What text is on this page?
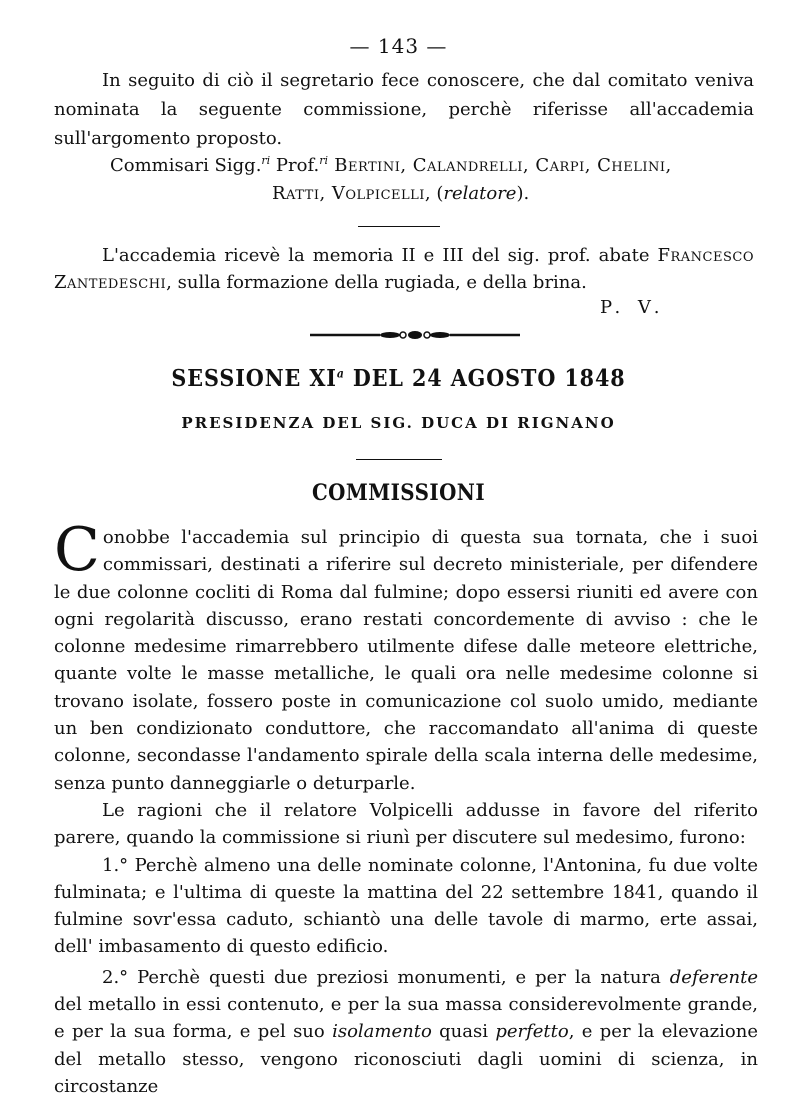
— 143 —
In seguito di ciò il segretario fece conoscere, che dal comitato veniva nominata la seguente commissione, perchè riferisse all'accademia sull'argomento proposto.
Commisari Sigg.$^{ri}$ Prof.$^{ri}$ Bertini, Calandrelli, Carpi, Chelini,
Ratti, Volpicelli, (relatore).
L'accademia ricevè la memoria II e III del sig. prof. abate Francesco Zantedeschi, sulla formazione della rugiada, e della brina.
P. V.
SESSIONE $XI^a$ DEL 24 AGOSTO 1848
PRESIDENZA DEL SIG. DUCA DI RIGNANO
COMMISSIONI

Conobbe l'accademia sul principio di questa sua tornata, che i suoi commissari, destinati a riferire sul decreto ministeriale, per difendere le due colonne cocliti di Roma dal fulmine; dopo essersi riuniti ed avere con ogni regolarità discusso, erano restati concordemente di avviso : che le colonne medesime rimarrebbero utilmente difese dalle meteore elettriche, quante volte le masse metalliche, le quali ora nelle medesime colonne si trovano isolate, fossero poste in comunicazione col suolo umido, mediante un ben condizionato conduttore, che raccomandato all'anima di queste colonne, secondasse l'andamento spirale della scala interna delle medesime, senza punto danneggiarle o deturparle.

Le ragioni che il relatore Volpicelli addusse in favore del riferito parere, quando la commissione si riunì per discutere sul medesimo, furono:

1.° Perchè almeno una delle nominate colonne, l'Antonina, fu due volte fulminata; e l'ultima di queste la mattina del 22 settembre 1841, quando il fulmine sovr'essa caduto, schiantò una delle tavole di marmo, erte assai, dell' imbasamento di questo edificio.

2.° Perchè questi due preziosi monumenti, e per la natura deferente del metallo in essi contenuto, e per la sua massa considerevolmente grande, e per la sua forma, e pel suo isolamento quasi perfetto, e per la elevazione del metallo stesso, vengono riconosciuti dagli uomini di scienza, in circostanze
